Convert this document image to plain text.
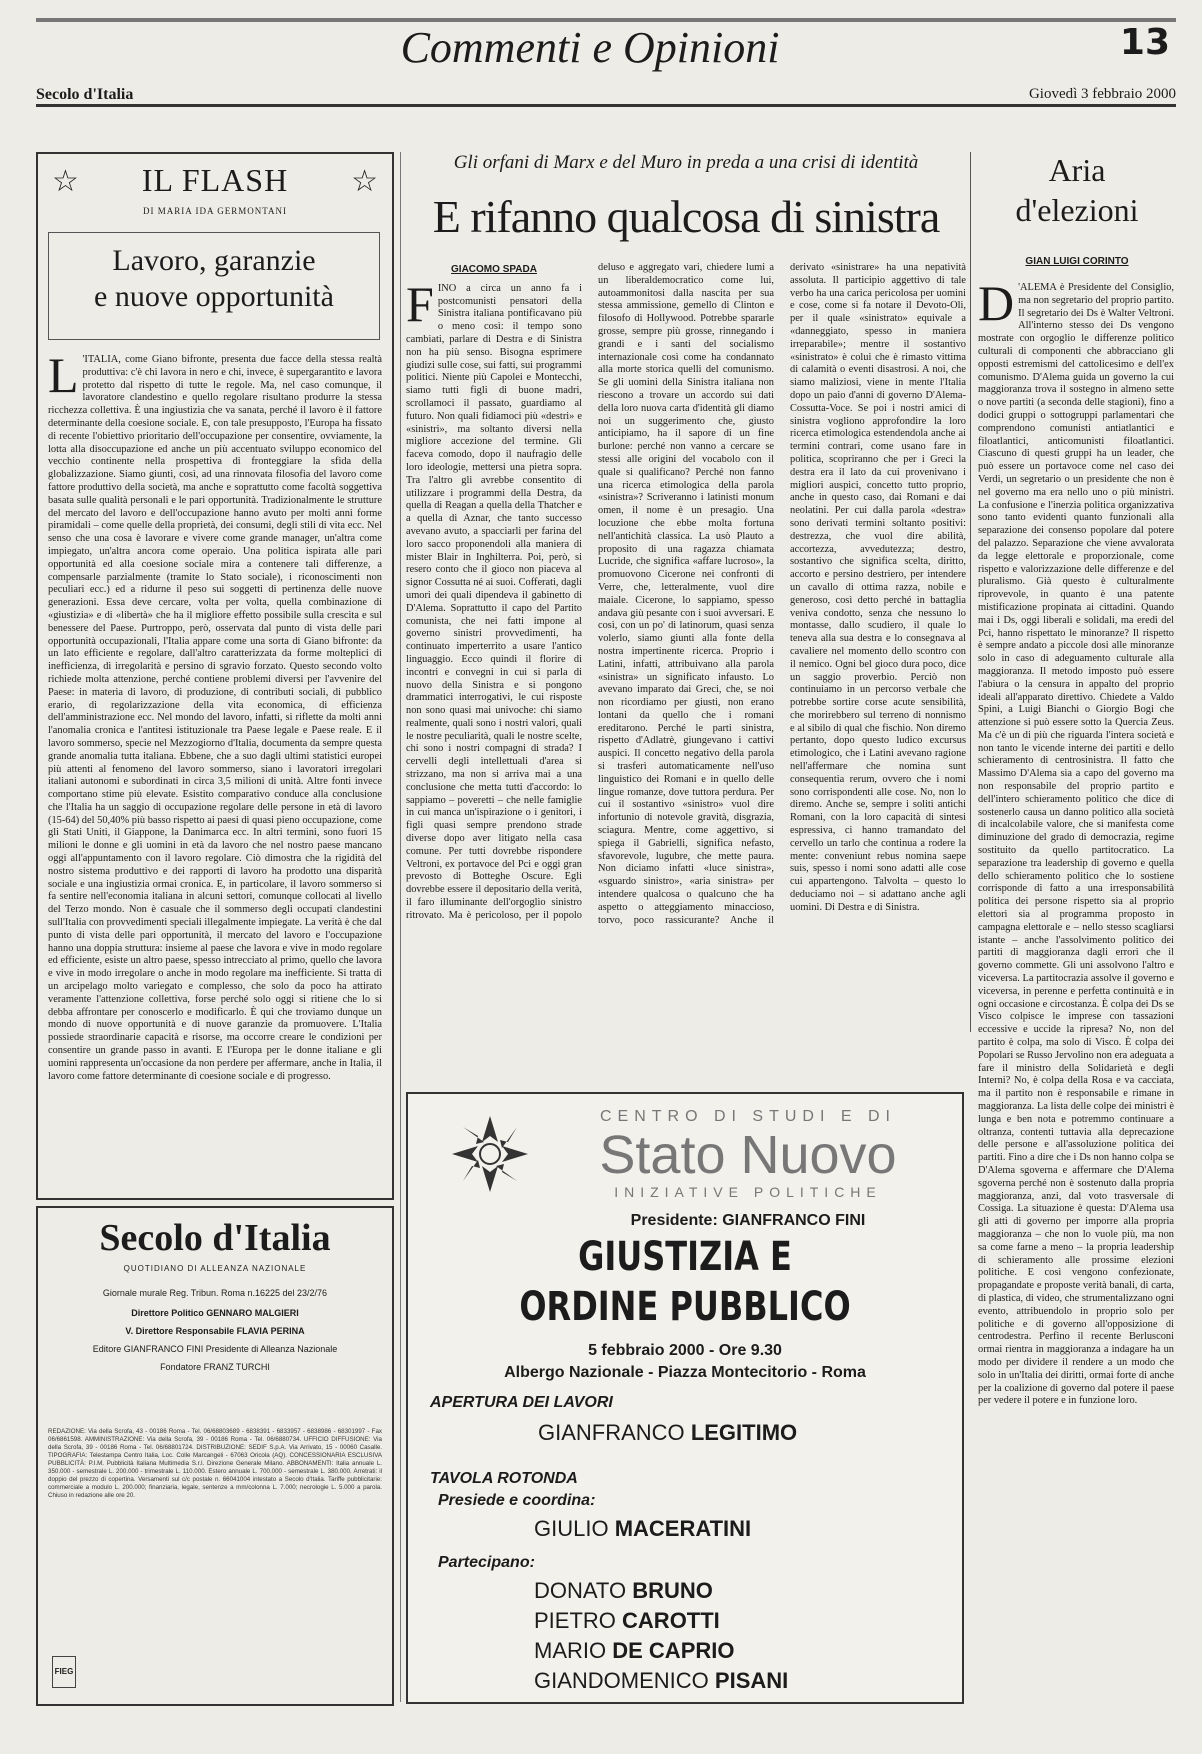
Commenti e Opinioni	13
Secolo d'Italia	Giovedì 3 febbraio 2000
☆	☆
IL FLASH
DI MARIA IDA GERMONTANI
Lavoro, garanzie
e nuove opportunità
L 'ITALIA, come Giano bifronte, presenta due facce della stessa realtà produttiva: c'è chi lavora in nero e chi, invece, è supergarantito e lavora protetto dal rispetto di tutte le regole. Ma, nel caso comunque, il lavoratore clandestino e quello regolare risultano produrre la stessa ricchezza collettiva. È una ingiustizia che va sanata, perché il lavoro è il fattore determinante della coesione sociale. E, con tale presupposto, l'Europa ha fissato di recente l'obiettivo prioritario dell'occupazione per consentire, ovviamente, la lotta alla disoccupazione ed anche un più accentuato sviluppo economico del vecchio continente nella prospettiva di fronteggiare la sfida della globalizzazione. Siamo giunti, così, ad una rinnovata filosofia del lavoro come fattore produttivo della società, ma anche e soprattutto come facoltà soggettiva basata sulle qualità personali e le pari opportunità. Tradizionalmente le strutture del mercato del lavoro e dell'occupazione hanno avuto per molti anni forme piramidali – come quelle della proprietà, dei consumi, degli stili di vita ecc. Nel senso che una cosa è lavorare e vivere come grande manager, un'altra come impiegato, un'altra ancora come operaio. Una politica ispirata alle pari opportunità ed alla coesione sociale mira a contenere tali differenze, a compensarle parzialmente (tramite lo Stato sociale), i riconoscimenti non peculiari ecc.) ed a ridurne il peso sui soggetti di pertinenza delle nuove generazioni. Essa deve cercare, volta per volta, quella combinazione di «giustizia» e di «libertà» che ha il migliore effetto possibile sulla crescita e sul benessere del Paese. Purtroppo, però, osservata dal punto di vista delle pari opportunità occupazionali, l'Italia appare come una sorta di Giano bifronte: da un lato efficiente e regolare, dall'altro caratterizzata da forme molteplici di inefficienza, di irregolarità e persino di sgravio forzato. Questo secondo volto richiede molta attenzione, perché contiene problemi diversi per l'avvenire del Paese: in materia di lavoro, di produzione, di contributi sociali, di pubblico erario, di regolarizzazione della vita economica, di efficienza dell'amministrazione ecc. Nel mondo del lavoro, infatti, si riflette da molti anni l'anomalia cronica e l'antitesi istituzionale tra Paese legale e Paese reale. E il lavoro sommerso, specie nel Mezzogiorno d'Italia, documenta da sempre questa grande anomalia tutta italiana. Ebbene, che a suo dagli ultimi statistici europei più attenti al fenomeno del lavoro sommerso, siano i lavoratori irregolari italiani autonomi e subordinati in circa 3,5 milioni di unità. Altre fonti invece comportano stime più elevate. Esistito comparativo conduce alla conclusione che l'Italia ha un saggio di occupazione regolare delle persone in età di lavoro (15-64) del 50,40% più basso rispetto ai paesi di quasi pieno occupazione, come gli Stati Uniti, il Giappone, la Danimarca ecc. In altri termini, sono fuori 15 milioni le donne e gli uomini in età da lavoro che nel nostro paese mancano oggi all'appuntamento con il lavoro regolare. Ciò dimostra che la rigidità del nostro sistema produttivo e dei rapporti di lavoro ha prodotto una disparità sociale e una ingiustizia ormai cronica. E, in particolare, il lavoro sommerso si fa sentire nell'economia italiana in alcuni settori, comunque collocati al livello del Terzo mondo. Non è casuale che il sommerso degli occupati clandestini sull'Italia con provvedimenti speciali illegalmente impiegate. La verità è che dal punto di vista delle pari opportunità, il mercato del lavoro e l'occupazione hanno una doppia struttura: insieme al paese che lavora e vive in modo regolare ed efficiente, esiste un altro paese, spesso intrecciato al primo, quello che lavora e vive in modo irregolare o anche in modo regolare ma inefficiente. Si tratta di un arcipelago molto variegato e complesso, che solo da poco ha attirato veramente l'attenzione collettiva, forse perché solo oggi si ritiene che lo si debba affrontare per conoscerlo e modificarlo. È qui che troviamo dunque un mondo di nuove opportunità e di nuove garanzie da promuovere. L'Italia possiede straordinarie capacità e risorse, ma occorre creare le condizioni per consentire un grande passo in avanti. E l'Europa per le donne italiane e gli uomini rappresenta un'occasione da non perdere per affermare, anche in Italia, il lavoro come fattore determinante di coesione sociale e di progresso.
Secolo d'Italia
QUOTIDIANO DI ALLEANZA NAZIONALE
Giornale murale Reg. Tribun. Roma n.16225 del 23/2/76
Direttore Politico GENNARO MALGIERI
V. Direttore Responsabile FLAVIA PERINA
Editore GIANFRANCO FINI Presidente di Alleanza Nazionale
Fondatore FRANZ TURCHI
REDAZIONE: Via della Scrofa, 43 - 00186 Roma - Tel. 06/68803689 - 6838391 - 6833957 - 6838986 - 68301997 - Fax 06/6861598. AMMINISTRAZIONE: Via della Scrofa, 39 - 00186 Roma - Tel. 06/6880734. UFFICIO DIFFUSIONE: Via della Scrofa, 39 - 00186 Roma - Tel. 06/68801724. DISTRIBUZIONE: SEDIF S.p.A. Via Arrivato, 15 - 00060 Casalle. TIPOGRAFIA: Telestampa Centro Italia, Loc. Colle Marcangeli - 67063 Oricola (AQ). CONCESSIONARIA ESCLUSIVA PUBBLICITÀ: P.I.M. Pubblicità Italiana Multimedia S.r.l. Direzione Generale Milano. ABBONAMENTI: Italia annuale L. 350.000 - semestrale L. 200.000 - trimestrale L. 110.000. Estero annuale L. 700.000 - semestrale L. 380.000. Arretrati: il doppio del prezzo di copertina. Versamenti sul c/c postale n. 66041004 intestato a Secolo d'Italia. Tariffe pubblicitarie: commerciale a modulo L. 200.000; finanziaria, legale, sentenze a mm/colonna L. 7.000; necrologie L. 5.000 a parola. Chiuso in redazione alle ore 20.
FIEG
Gli orfani di Marx e del Muro in preda a una crisi di identità
E rifanno qualcosa di sinistra
GIACOMO SPADA
F INO a circa un anno fa i postcomunisti pensatori della Sinistra italiana pontificavano più o meno così: il tempo sono cambiati, parlare di Destra e di Sinistra non ha più senso. Bisogna esprimere giudizi sulle cose, sui fatti, sui programmi politici. Niente più Capolei e Montecchi, siamo tutti figli di buone madri, scrollamoci il passato, guardiamo al futuro. Non quali fidiamoci più «destri» e «sinistri», ma soltanto diversi nella migliore accezione del termine. Gli faceva comodo, dopo il naufragio delle loro ideologie, mettersi una pietra sopra. Tra l'altro gli avrebbe consentito di utilizzare i programmi della Destra, da quella di Reagan a quella della Thatcher e a quella di Aznar, che tanto successo avevano avuto, a spacciarli per farina del loro sacco proponendoli alla maniera di mister Blair in Inghilterra. Poi, però, si resero conto che il gioco non piaceva al signor Cossutta né ai suoi. Cofferati, dagli umori dei quali dipendeva il gabinetto di D'Alema. Soprattutto il capo del Partito comunista, che nei fatti impone al governo sinistri provvedimenti, ha continuato imperterrito a usare l'antico linguaggio. Ecco quindi il florire di incontri e convegni in cui si parla di nuovo della Sinistra e si pongono drammatici interrogativi, le cui risposte non sono quasi mai univoche: chi siamo realmente, quali sono i nostri valori, quali le nostre peculiarità, quali le nostre scelte, chi sono i nostri compagni di strada? I cervelli degli intellettuali d'area si strizzano, ma non si arriva mai a una conclusione che metta tutti d'accordo: lo sappiamo – poveretti – che nelle famiglie in cui manca un'ispirazione o i genitori, i figli quasi sempre prendono strade diverse dopo aver litigato nella casa comune. Per tutti dovrebbe rispondere Veltroni, ex portavoce del Pci e oggi gran prevosto di Botteghe Oscure. Egli dovrebbe essere il depositario della verità, il faro illuminante dell'orgoglio sinistro ritrovato. Ma è pericoloso, per il popolo deluso e aggregato vari, chiedere lumi a un liberaldemocratico come lui, autoammonitosi dalla nascita per sua stessa ammissione, gemello di Clinton e filosofo di Hollywood. Potrebbe spararle grosse, sempre più grosse, rinnegando i grandi e i santi del socialismo internazionale così come ha condannato alla morte storica quelli del comunismo. Se gli uomini della Sinistra italiana non riescono a trovare un accordo sui dati della loro nuova carta d'identità gli diamo noi un suggerimento che, giusto anticipiamo, ha il sapore di un fine burlone: perché non vanno a cercare se stessi alle origini del vocabolo con il quale si qualificano? Perché non fanno una ricerca etimologica della parola «sinistra»? Scriveranno i latinisti monum omen, il nome è un presagio. Una locuzione che ebbe molta fortuna nell'antichità classica. La usò Plauto a proposito di una ragazza chiamata Lucride, che significa «affare lucroso», la promuovono Cicerone nei confronti di Verre, che, letteralmente, vuol dire maiale. Cicerone, lo sappiamo, spesso andava giù pesante con i suoi avversari. E così, con un po' di latinorum, quasi senza volerlo, siamo giunti alla fonte della nostra impertinente ricerca. Proprio i Latini, infatti, attribuivano alla parola «sinistra» un significato infausto. Lo avevano imparato dai Greci, che, se noi non ricordiamo per giusti, non erano lontani da quello che i romani ereditarono. Perché le parti sinistra, rispetto d'Adlatrè, giungevano i cattivi auspici. Il concetto negativo della parola si trasferì automaticamente nell'uso linguistico dei Romani e in quello delle lingue romanze, dove tuttora perdura. Per cui il sostantivo «sinistro» vuol dire infortunio di notevole gravità, disgrazia, sciagura. Mentre, come aggettivo, si spiega il Gabrielli, significa nefasto, sfavorevole, lugubre, che mette paura. Non diciamo infatti «luce sinistra», «sguardo sinistro», «aria sinistra» per intendere qualcosa o qualcuno che ha aspetto o atteggiamento minaccioso, torvo, poco rassicurante? Anche il derivato «sinistrare» ha una nepatività assoluta. Il participio aggettivo di tale verbo ha una carica pericolosa per uomini e cose, come si fa notare il Devoto-Oli, per il quale «sinistrato» equivale a «danneggiato, spesso in maniera irreparabile»; mentre il sostantivo «sinistrato» è colui che è rimasto vittima di calamità o eventi disastrosi. A noi, che siamo maliziosi, viene in mente l'Italia dopo un paio d'anni di governo D'Alema-Cossutta-Voce. Se poi i nostri amici di sinistra vogliono approfondire la loro ricerca etimologica estendendola anche ai termini contrari, come usano fare in politica, scopriranno che per i Greci la destra era il lato da cui provenivano i migliori auspici, concetto tutto proprio, anche in questo caso, dai Romani e dai neolatini. Per cui dalla parola «destra» sono derivati termini soltanto positivi: destrezza, che vuol dire abilità, accortezza, avvedutezza; destro, sostantivo che significa scelta, diritto, accorto e persino destriero, per intendere un cavallo di ottima razza, nobile e generoso, così detto perché in battaglia veniva condotto, senza che nessuno lo montasse, dallo scudiero, il quale lo teneva alla sua destra e lo consegnava al cavaliere nel momento dello scontro con il nemico. Ogni bel gioco dura poco, dice un saggio proverbio. Perciò non continuiamo in un percorso verbale che potrebbe sortire corse acute sensibilità, che morirebbero sul terreno di nonnismo e al sibilo di qual che fischio. Non diremo pertanto, dopo questo ludico excursus etimologico, che i Latini avevano ragione nell'affermare che nomina sunt consequentia rerum, ovvero che i nomi sono corrispondenti alle cose. No, non lo diremo. Anche se, sempre i soliti antichi Romani, con la loro capacità di sintesi espressiva, ci hanno tramandato del cervello un tarlo che continua a rodere la mente: conveniunt rebus nomina saepe suis, spesso i nomi sono adatti alle cose cui appartengono. Talvolta – questo lo deduciamo noi – si adattano anche agli uomini. Di Destra e di Sinistra.
Aria
d'elezioni
GIAN LUIGI CORINTO
D 'ALEMA è Presidente del Consiglio, ma non segretario del proprio partito. Il segretario dei Ds è Walter Veltroni. All'interno stesso dei Ds vengono mostrate con orgoglio le differenze politico culturali di componenti che abbracciano gli opposti estremismi del cattolicesimo e dell'ex comunismo. D'Alema guida un governo la cui maggioranza trova il sostegno in almeno sette o nove partiti (a seconda delle stagioni), fino a dodici gruppi o sottogruppi parlamentari che comprendono comunisti antiatlantici e filoatlantici, anticomunisti filoatlantici. Ciascuno di questi gruppi ha un leader, che può essere un portavoce come nel caso dei Verdi, un segretario o un presidente che non è nel governo ma era nello uno o più ministri. La confusione e l'inerzia politica organizzativa sono tanto evidenti quanto funzionali alla separazione dei consenso popolare dal potere del palazzo. Separazione che viene avvalorata da legge elettorale e proporzionale, come rispetto e valorizzazione delle differenze e del pluralismo. Già questo è culturalmente riprovevole, in quanto è una patente mistificazione propinata ai cittadini. Quando mai i Ds, oggi liberali e solidali, ma eredi del Pci, hanno rispettato le minoranze? Il rispetto è sempre andato a piccole dosi alle minoranze solo in caso di adeguamento culturale alla maggioranza. Il metodo imposto può essere l'abiura o la censura in appalto del proprio ideali all'apparato direttivo. Chiedete a Valdo Spini, a Luigi Bianchi o Giorgio Bogi che attenzione si può essere sotto la Quercia Zeus. Ma c'è un di più che riguarda l'intera società e non tanto le vicende interne dei partiti e dello schieramento di centrosinistra. Il fatto che Massimo D'Alema sia a capo del governo ma non responsabile del proprio partito e dell'intero schieramento politico che dice di sostenerlo causa un danno politico alla società di incalcolabile valore, che si manifesta come diminuzione del grado di democrazia, regime sostituito da quello partitocratico. La separazione tra leadership di governo e quella dello schieramento politico che lo sostiene corrisponde di fatto a una irresponsabilità politica dei persone rispetto sia al proprio elettori sia al programma proposto in campagna elettorale e – nello stesso scagliarsi istante – anche l'assolvimento politico dei partiti di maggioranza dagli errori che il governo commette. Gli uni assolvono l'altro e viceversa. La partitocrazia assolve il governo e viceversa, in perenne e perfetta continuità e in ogni occasione e circostanza. È colpa dei Ds se Visco colpisce le imprese con tassazioni eccessive e uccide la ripresa? No, non del partito è colpa, ma solo di Visco. È colpa dei Popolari se Russo Jervolino non era adeguata a fare il ministro della Solidarietà e degli Interni? No, è colpa della Rosa e va cacciata, ma il partito non è responsabile e rimane in maggioranza. La lista delle colpe dei ministri è lunga e ben nota e potremmo continuare a oltranza, contenti tuttavia alla deprecazione delle persone e all'assoluzione politica dei partiti. Fino a dire che i Ds non hanno colpa se D'Alema sgoverna e affermare che D'Alema sgoverna perché non è sostenuto dalla propria maggioranza, anzi, dal voto trasversale di Cossiga. La situazione è questa: D'Alema usa gli atti di governo per imporre alla propria maggioranza – che non lo vuole più, ma non sa come farne a meno – la propria leadership di schieramento alle prossime elezioni politiche. E così vengono confezionate, propagandate e proposte verità banali, di carta, di plastica, di video, che strumentalizzano ogni evento, attribuendolo in proprio solo per politiche e di governo all'opposizione di centrodestra. Perfino il recente Berlusconi ormai rientra in maggioranza a indagare ha un modo per dividere il rendere a un modo che solo in un'Italia dei diritti, ormai forte di anche per la coalizione di governo dal potere il paese per vedere il potere e in funzione loro.
CENTRO DI STUDI E DI
Stato Nuovo
INIZIATIVE POLITICHE
Presidente: GIANFRANCO FINI
GIUSTIZIA E
ORDINE PUBBLICO
5 febbraio 2000 - Ore 9.30
Albergo Nazionale - Piazza Montecitorio - Roma
APERTURA DEI LAVORI
GIANFRANCO LEGITIMO
TAVOLA ROTONDA
Presiede e coordina:
GIULIO MACERATINI
Partecipano:
DONATO BRUNO
PIETRO CAROTTI
MARIO DE CAPRIO
GIANDOMENICO PISANI
